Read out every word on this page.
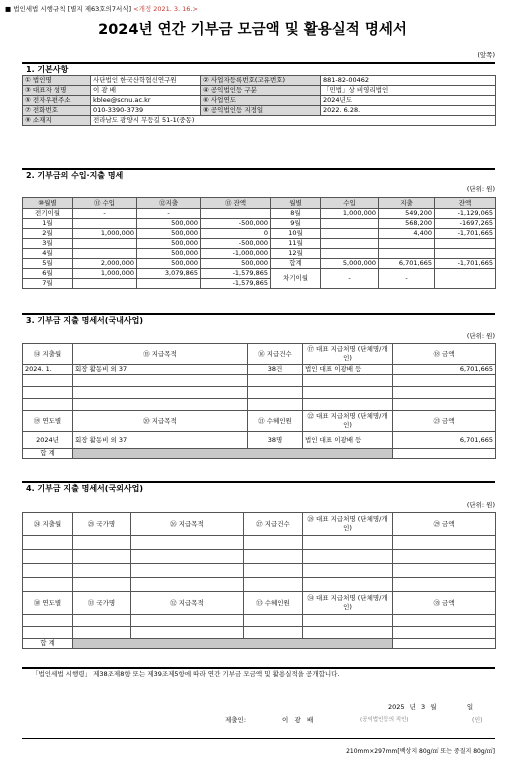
■ 법인세법 시행규칙 [별지 제63호의7서식] <개정 2021. 3. 16.>
2024년 연간 기부금 모금액 및 활용실적 명세서
(앞쪽)
1. 기본사항
① 법인명	사단법인 한국산학협신연구원	② 사업자등록번호(고유번호)	881-82-00462
③ 대표자 성명	이 광 배	④ 공익법인등 구분	「민법」상 비영리법인
⑤ 전자우편주소	kblee@scnu.ac.kr	⑥ 사업연도	2024년도
⑦ 전화번호	010-3390-3739	⑧ 공익법인등 지정일	2022. 6.28.
⑨ 소재지	전라남도 광양시 무등길 51-1(중동)		
2. 기부금의 수입·지출 명세
(단위: 원)
⑩월별	⑪ 수입	⑫지출	⑬ 잔액	월별	수입	지출	잔액
전기이월	-	-		8월	1,000,000	549,200	-1,129,065
1월		500,000	-500,000	9월		568,200	-1697,265
2월	1,000,000	500,000	0	10월		4,400	-1,701,665
3월		500,000	-500,000	11월			
4월		500,000	-1,000,000	12월			
5월	2,000,000	500,000	500,000	합계	5,000,000	6,701,665	-1,701,665
6월	1,000,000	3,079,865	-1,579,865	차기이월	-	-	
7월			-1,579,865				
3. 기부금 지출 명세서(국내사업)
(단위: 원)
⑭ 지출월	⑮ 지급목적	⑯ 지급건수	⑰ 대표 지급처명 (단체명/개인)	⑱ 금액
2024. 1.	회장 활동비 외 37	38건	법인 대표 이광배 등	6,701,665

⑲ 연도별	⑳ 지급목적	㉑ 수혜인원	㉒ 대표 지급처명 (단체명/개인)	㉓ 금액
2024년	회장 활동비 외 37	38명	법인 대표 이광배 등	6,701,665
합 계				
4. 기부금 지출 명세서(국외사업)
(단위: 원)
㉔ 지출월	㉕ 국가명	㉖ 지급목적	㉗ 지급건수	㉘ 대표 지급처명 (단체명/개인)	㉙ 금액

㉚ 연도별	㉛ 국가명	㉜ 지급목적	㉝ 수혜인원	㉞ 대표 지급처명 (단체명/개인)	㉟ 금액

합 계					
「법인세법 시행령」 제38조제8항 또는 제39조제5항에 따라 연간 기부금 모금액 및 활용실적을 공개합니다.
2025 년 3 월	일
제출인:	이   광   배	(공익법인등의 직인)	(인)
210mm×297mm[백상지 80g/㎡ 또는 중질지 80g/㎡]
